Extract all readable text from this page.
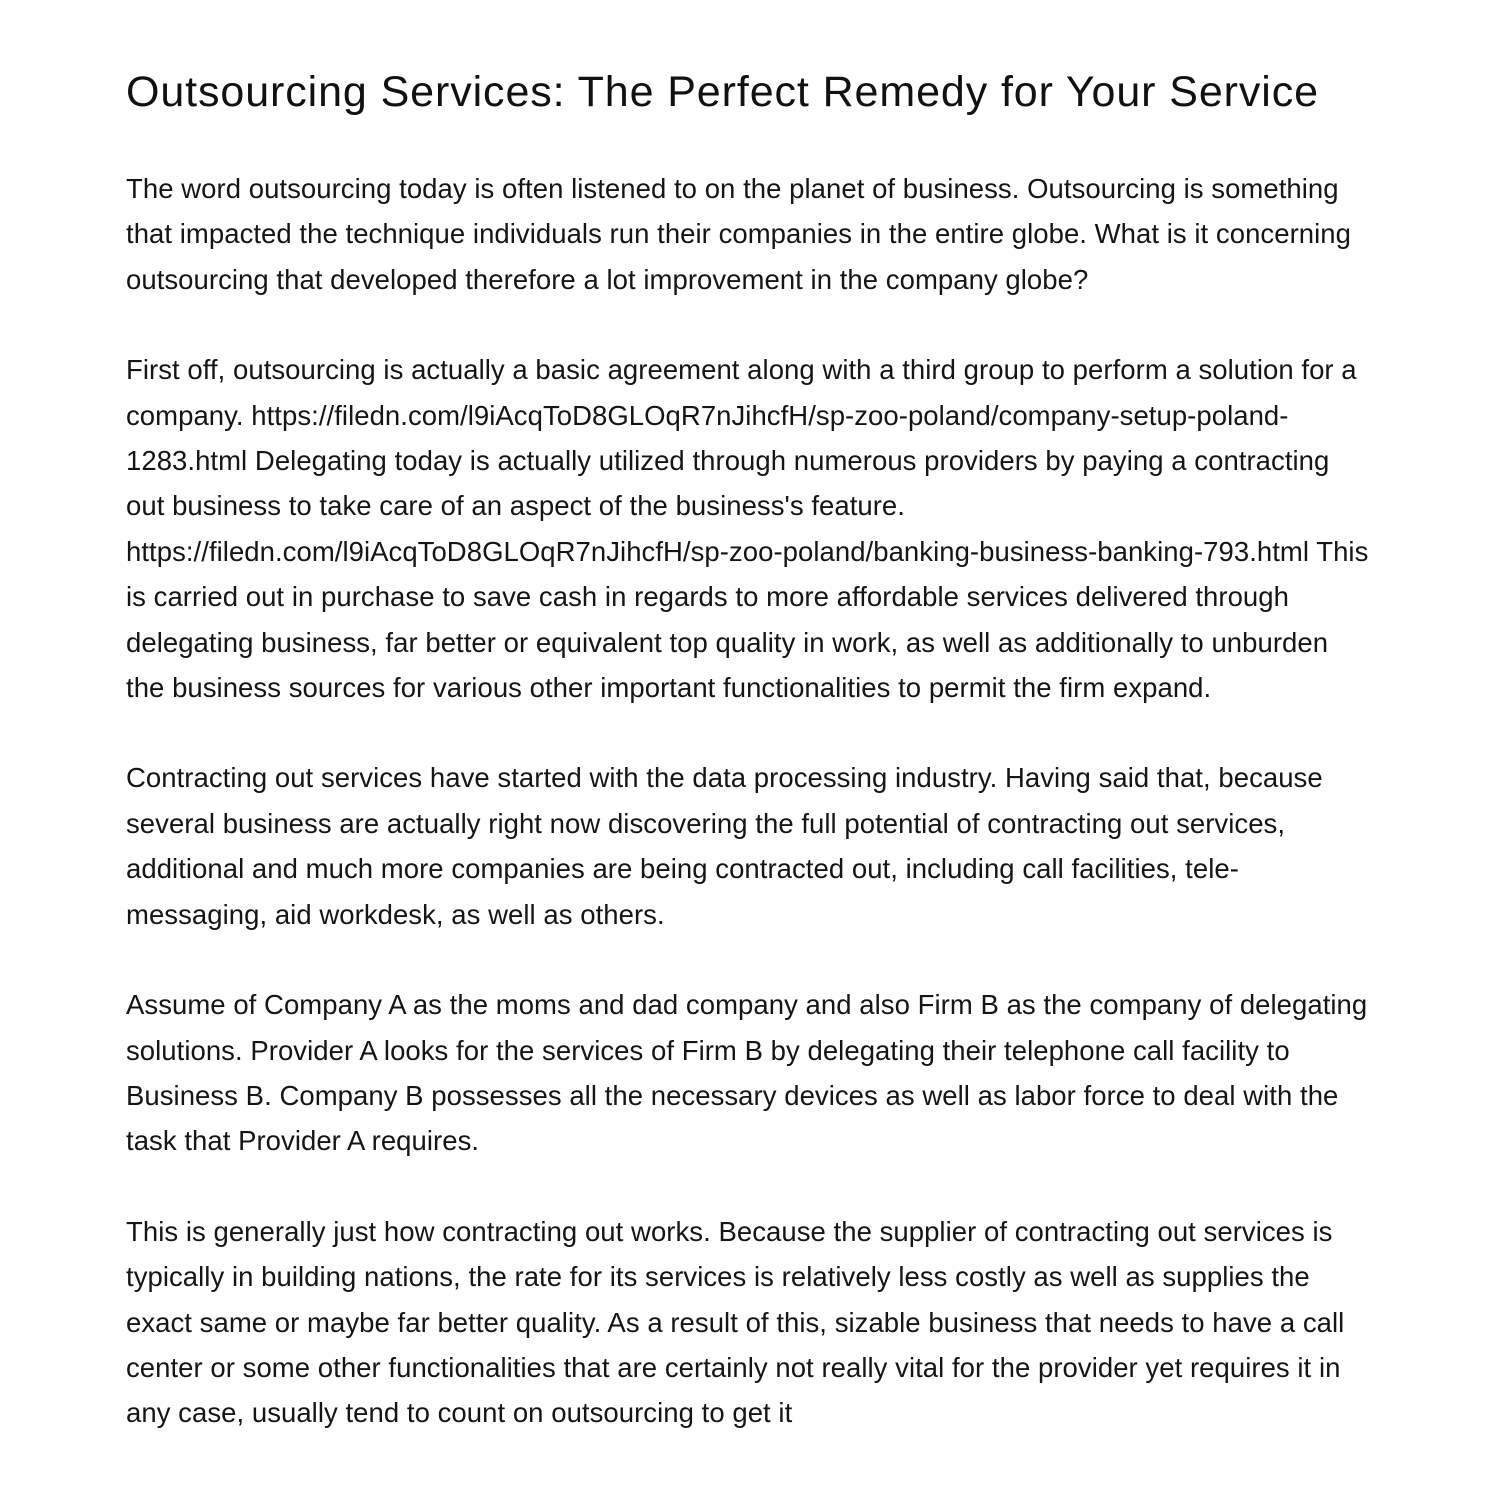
Outsourcing Services: The Perfect Remedy for Your Service

The word outsourcing today is often listened to on the planet of business. Outsourcing is something that impacted the technique individuals run their companies in the entire globe. What is it concerning outsourcing that developed therefore a lot improvement in the company globe?

First off, outsourcing is actually a basic agreement along with a third group to perform a solution for a company. https://filedn.com/l9iAcqToD8GLOqR7nJihcfH/sp-zoo-poland/company-setup-poland-1283.html Delegating today is actually utilized through numerous providers by paying a contracting out business to take care of an aspect of the business's feature. https://filedn.com/l9iAcqToD8GLOqR7nJihcfH/sp-zoo-poland/banking-business-banking-793.html This is carried out in purchase to save cash in regards to more affordable services delivered through delegating business, far better or equivalent top quality in work, as well as additionally to unburden the business sources for various other important functionalities to permit the firm expand.

Contracting out services have started with the data processing industry. Having said that, because several business are actually right now discovering the full potential of contracting out services, additional and much more companies are being contracted out, including call facilities, tele-messaging, aid workdesk, as well as others.

Assume of Company A as the moms and dad company and also Firm B as the company of delegating solutions. Provider A looks for the services of Firm B by delegating their telephone call facility to Business B. Company B possesses all the necessary devices as well as labor force to deal with the task that Provider A requires.

This is generally just how contracting out works. Because the supplier of contracting out services is typically in building nations, the rate for its services is relatively less costly as well as supplies the exact same or maybe far better quality. As a result of this, sizable business that needs to have a call center or some other functionalities that are certainly not really vital for the provider yet requires it in any case, usually tend to count on outsourcing to get it
